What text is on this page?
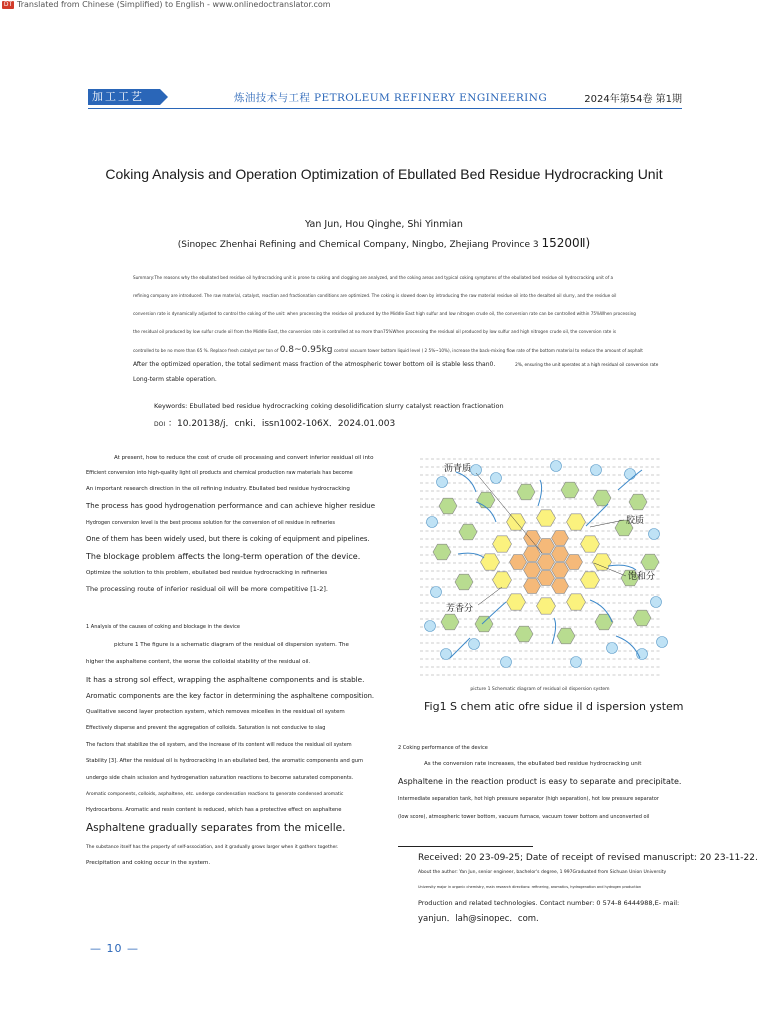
DT Translated from Chinese (Simplified) to English - www.onlinedoctranslator.com
加工工艺	炼油技术与工程 PETROLEUM REFINERY ENGINEERING	2024年第54卷 第1期
Coking Analysis and Operation Optimization of Ebullated Bed Residue Hydrocracking Unit
Yan Jun, Hou Qinghe, Shi Yinmian
(Sinopec Zhenhai Refining and Chemical Company, Ningbo, Zhejiang Province 3 15200Ⅱ)

Summary:The reasons why the ebullated bed residue oil hydrocracking unit is prone to coking and clogging are analyzed, and the coking areas and typical coking symptoms of the ebullated bed residue oil hydrocracking unit of a

refining company are introduced. The raw material, catalyst, reaction and fractionation conditions are optimized. The coking is slowed down by introducing the raw material residue oil into the desalted oil slurry, and the residue oil

conversion rate is dynamically adjusted to control the coking of the unit: when processing the residue oil produced by the Middle East high sulfur and low nitrogen crude oil, the conversion rate can be controlled within 75%When processing

the residual oil produced by low sulfur crude oil from the Middle East, the conversion rate is controlled at no more than75%When processing the residual oil produced by low sulfur and high nitrogen crude oil, the conversion rate is

controlled to be no more than 65 %. Replace fresh catalyst per ton of 0.8~0.95kg control vacuum tower bottom liquid level ( 2 5%~10%), increase the back-mixing flow rate of the bottom material to reduce the amount of asphalt

After the optimized operation, the total sediment mass fraction of the atmospheric tower bottom oil is stable less than0.	2%, ensuring the unit operates at a high residual oil conversion rate

Long-term stable operation.

Keywords: Ebullated bed residue hydrocracking coking desolidification slurry catalyst reaction fractionation
DOI ：10.20138/j．cnki．issn1002-106X．2024.01.003

At present, how to reduce the cost of crude oil processing and convert inferior residual oil into

Efficient conversion into high-quality light oil products and chemical production raw materials has become

An important research direction in the oil refining industry. Ebullated bed residue hydrocracking

The process has good hydrogenation performance and can achieve higher residue

Hydrogen conversion level is the best process solution for the conversion of oil residue in refineries

One of them has been widely used, but there is coking of equipment and pipelines.

The blockage problem affects the long-term operation of the device.

Optimize the solution to this problem, ebullated bed residue hydrocracking in refineries

The processing route of inferior residual oil will be more competitive [1-2].

1 Analysis of the causes of coking and blockage in the device

picture 1 The figure is a schematic diagram of the residual oil dispersion system. The

higher the asphaltene content, the worse the colloidal stability of the residual oil.

It has a strong sol effect, wrapping the asphaltene components and is stable.

Aromatic components are the key factor in determining the asphaltene composition.

Qualitative second layer protection system, which removes micelles in the residual oil system

Effectively disperse and prevent the aggregation of colloids. Saturation is not conducive to slag

The factors that stabilize the oil system, and the increase of its content will reduce the residual oil system

Stability [3]. After the residual oil is hydrocracking in an ebullated bed, the aromatic components and gum

undergo side chain scission and hydrogenation saturation reactions to become saturated components.

Aromatic components, colloids, asphaltene, etc. undergo condensation reactions to generate condensed aromatic

Hydrocarbons. Aromatic and resin content is reduced, which has a protective effect on asphaltene

Asphaltene gradually separates from the micelle.

The substance itself has the property of self-association, and it gradually grows larger when it gathers together.

Precipitation and coking occur in the system.

沥青质
胶质
饱和分
芳香分
picture 1 Schematic diagram of residual oil dispersion system
Fig1 S chem atic ofre sidue il d ispersion ystem

2 Coking performance of the device

As the conversion rate increases, the ebullated bed residue hydrocracking unit

Asphaltene in the reaction product is easy to separate and precipitate.

Intermediate separation tank, hot high pressure separator (high separation), hot low pressure separator

(low score), atmospheric tower bottom, vacuum furnace, vacuum tower bottom and unconverted oil

Received: 20 23-09-25; Date of receipt of revised manuscript: 20 23-11-22.

About the author: Yan Jun, senior engineer, bachelor's degree, 1 997Graduated from Sichuan Union University

University major in organic chemistry, main research directions: refinering, aromatics, hydrogenation and hydrogen production

Production and related technologies. Contact number: 0 574-8 6444988,E- mail:

yanjun．lah@sinopec．com.

— 10 —
